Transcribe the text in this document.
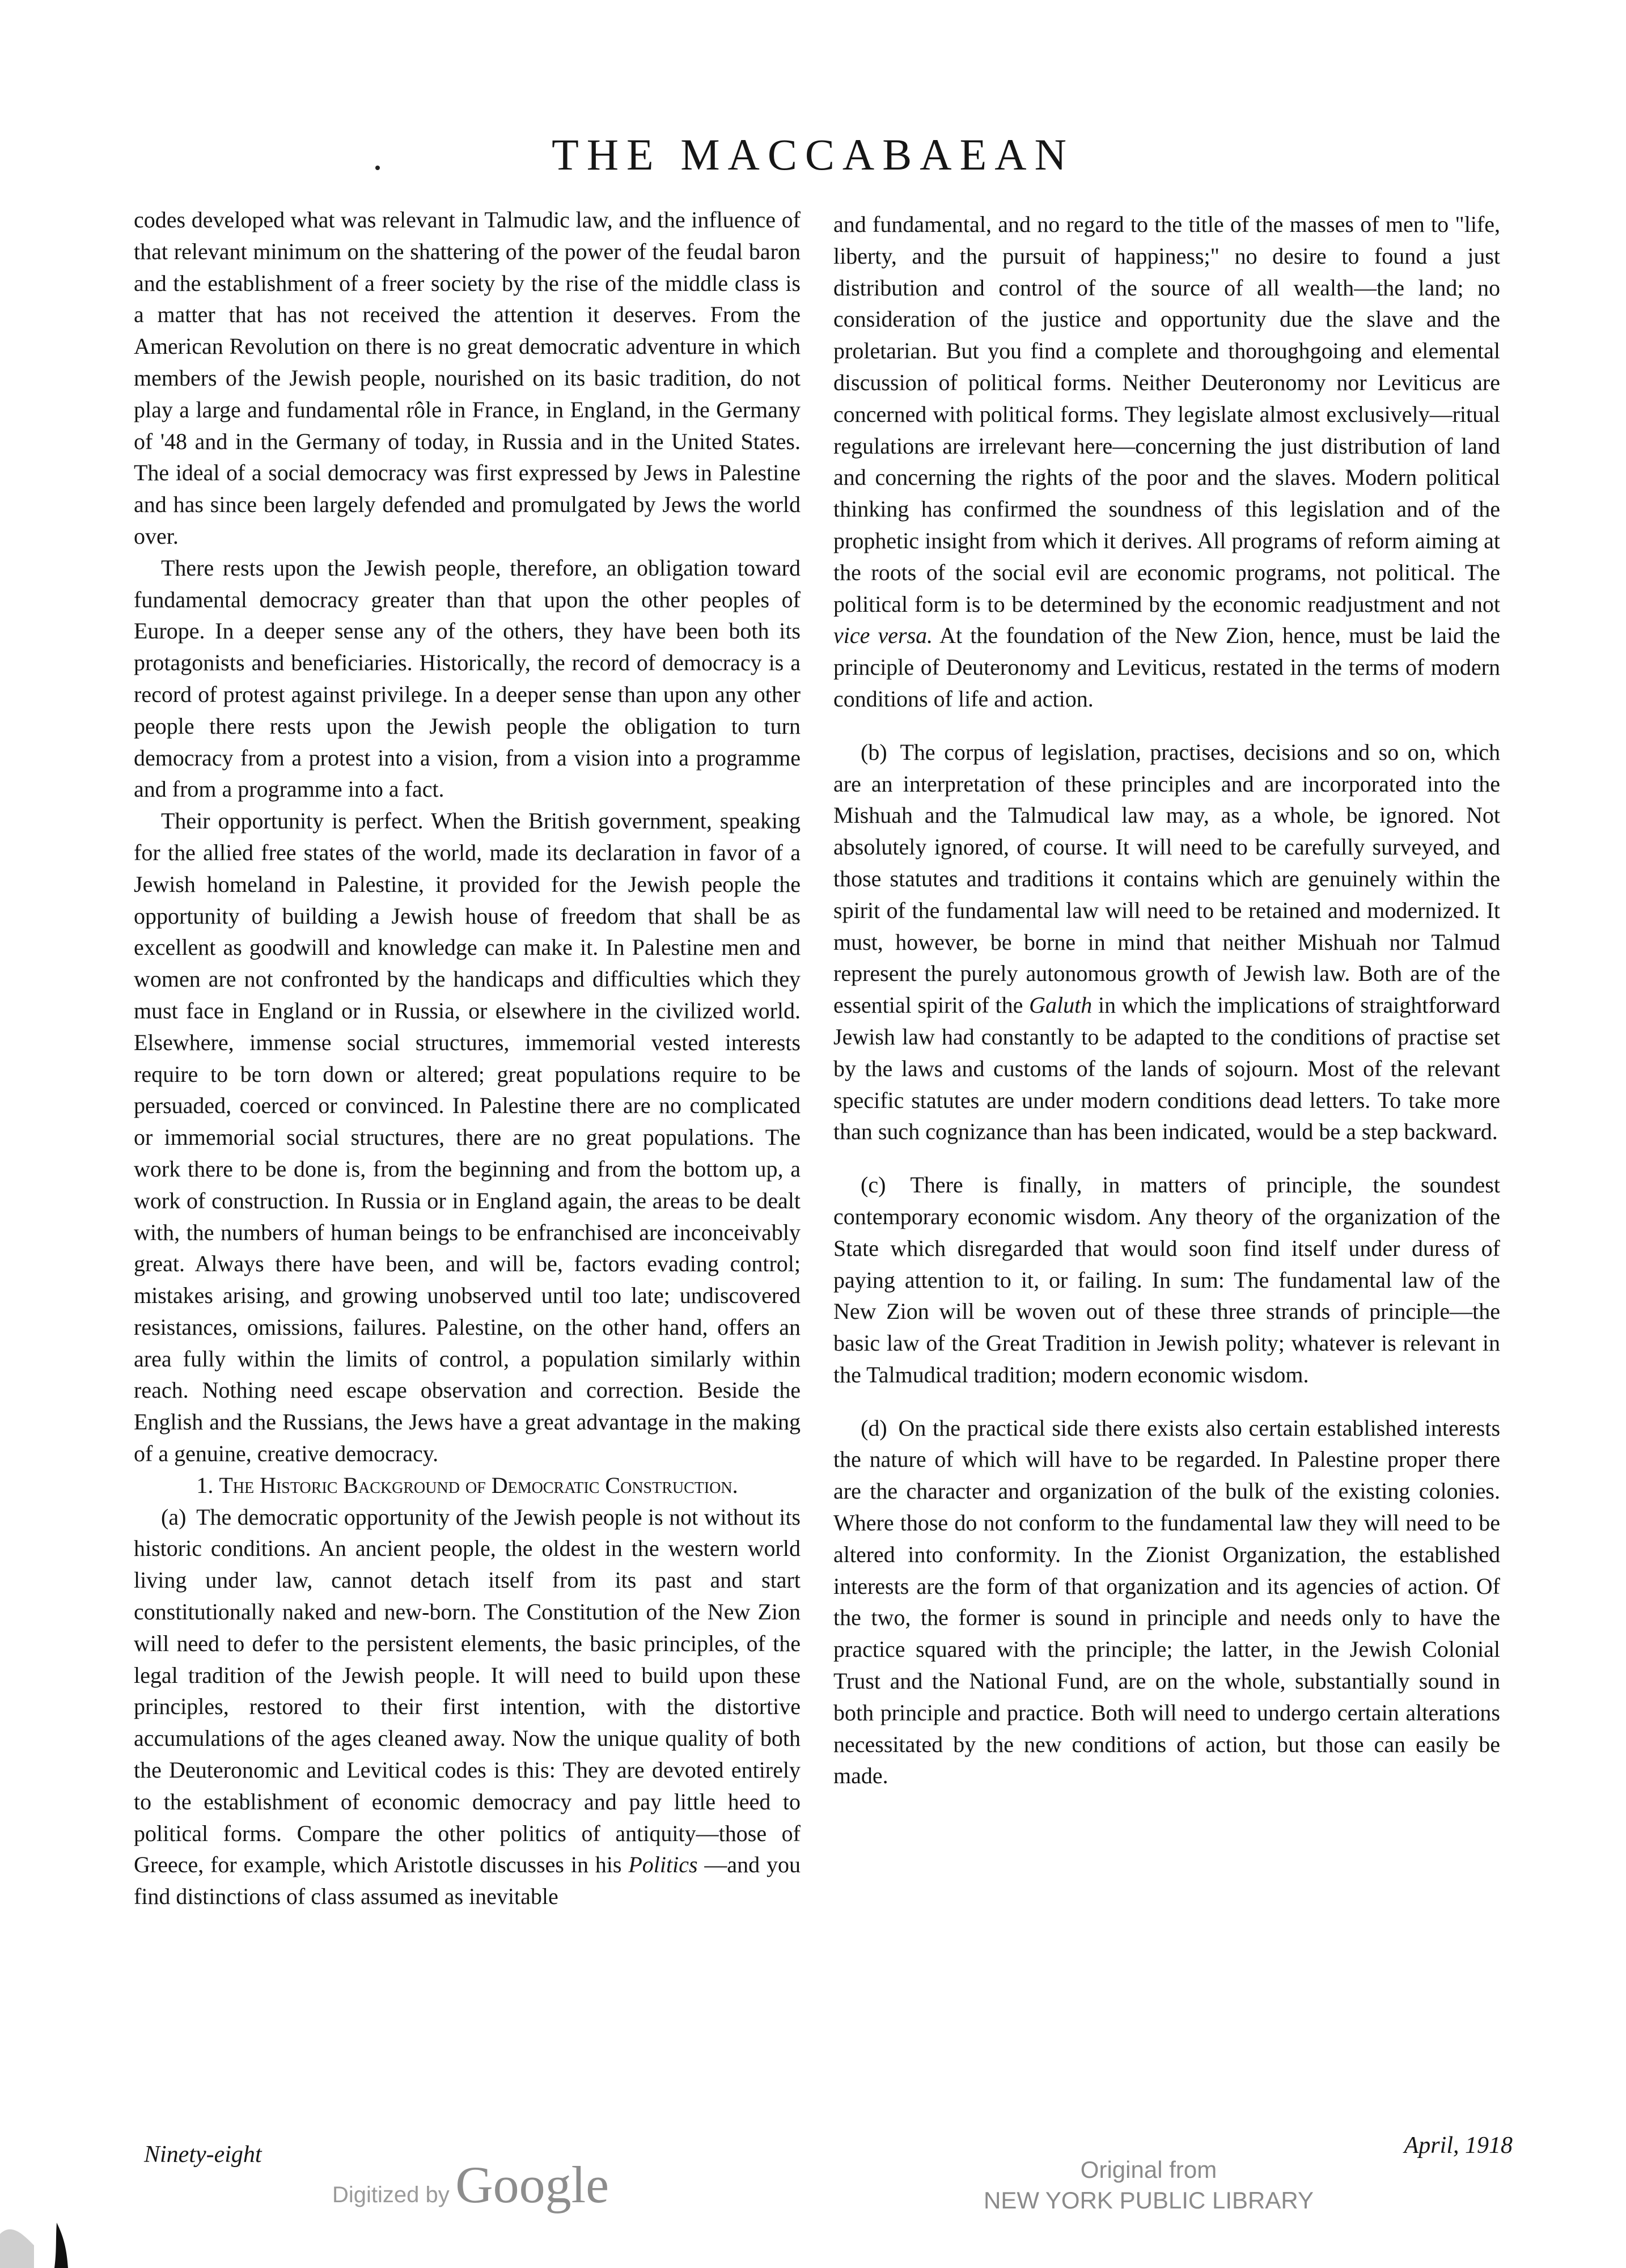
THE MACCABAEAN

codes developed what was relevant in Talmudic law, and the influence of that relevant minimum on the shattering of the power of the feudal baron and the establishment of a freer society by the rise of the middle class is a matter that has not received the attention it deserves. From the American Revolution on there is no great democratic adventure in which members of the Jewish people, nourished on its basic tradition, do not play a large and fundamental rôle in France, in England, in the Germany of '48 and in the Germany of today, in Russia and in the United States. The ideal of a social democracy was first expressed by Jews in Palestine and has since been largely defended and promulgated by Jews the world over.

There rests upon the Jewish people, therefore, an obligation toward fundamental democracy greater than that upon the other peoples of Europe. In a deeper sense any of the others, they have been both its protagonists and beneficiaries. Historically, the record of democracy is a record of protest against privilege. In a deeper sense than upon any other people there rests upon the Jewish people the obligation to turn democracy from a protest into a vision, from a vision into a programme and from a programme into a fact.

Their opportunity is perfect. When the British government, speaking for the allied free states of the world, made its declaration in favor of a Jewish homeland in Palestine, it provided for the Jewish people the opportunity of building a Jewish house of freedom that shall be as excellent as goodwill and knowledge can make it. In Palestine men and women are not confronted by the handicaps and difficulties which they must face in England or in Russia, or elsewhere in the civilized world. Elsewhere, immense social structures, immemorial vested interests require to be torn down or altered; great populations require to be persuaded, coerced or convinced. In Palestine there are no complicated or immemorial social structures, there are no great populations. The work there to be done is, from the beginning and from the bottom up, a work of construction. In Russia or in England again, the areas to be dealt with, the numbers of human beings to be enfranchised are inconceivably great. Always there have been, and will be, factors evading control; mistakes arising, and growing unobserved until too late; undiscovered resistances, omissions, failures. Palestine, on the other hand, offers an area fully within the limits of control, a population similarly within reach. Nothing need escape observation and correction. Beside the English and the Russians, the Jews have a great advantage in the making of a genuine, creative democracy.

1. The Historic Background of Democratic Construction.

(a) The democratic opportunity of the Jewish people is not without its historic conditions. An ancient people, the oldest in the western world living under law, cannot detach itself from its past and start constitutionally naked and new-born. The Constitution of the New Zion will need to defer to the persistent elements, the basic principles, of the legal tradition of the Jewish people. It will need to build upon these principles, restored to their first intention, with the distortive accumulations of the ages cleaned away. Now the unique quality of both the Deuteronomic and Levitical codes is this: They are devoted entirely to the establishment of economic democracy and pay little heed to political forms. Compare the other politics of antiquity—those of Greece, for example, which Aristotle discusses in his Politics —and you find distinctions of class assumed as inevitable

and fundamental, and no regard to the title of the masses of men to "life, liberty, and the pursuit of happiness;" no desire to found a just distribution and control of the source of all wealth—the land; no consideration of the justice and opportunity due the slave and the proletarian. But you find a complete and thoroughgoing and elemental discussion of political forms. Neither Deuteronomy nor Leviticus are concerned with political forms. They legislate almost exclusively—ritual regulations are irrelevant here—concerning the just distribution of land and concerning the rights of the poor and the slaves. Modern political thinking has confirmed the soundness of this legislation and of the prophetic insight from which it derives. All programs of reform aiming at the roots of the social evil are economic programs, not political. The political form is to be determined by the economic readjustment and not vice versa. At the foundation of the New Zion, hence, must be laid the principle of Deuteronomy and Leviticus, restated in the terms of modern conditions of life and action.

(b) The corpus of legislation, practises, decisions and so on, which are an interpretation of these principles and are incorporated into the Mishuah and the Talmudical law may, as a whole, be ignored. Not absolutely ignored, of course. It will need to be carefully surveyed, and those statutes and traditions it contains which are genuinely within the spirit of the fundamental law will need to be retained and modernized. It must, however, be borne in mind that neither Mishuah nor Talmud represent the purely autonomous growth of Jewish law. Both are of the essential spirit of the Galuth in which the implications of straightforward Jewish law had constantly to be adapted to the conditions of practise set by the laws and customs of the lands of sojourn. Most of the relevant specific statutes are under modern conditions dead letters. To take more than such cognizance than has been indicated, would be a step backward.

(c) There is finally, in matters of principle, the soundest contemporary economic wisdom. Any theory of the organization of the State which disregarded that would soon find itself under duress of paying attention to it, or failing. In sum: The fundamental law of the New Zion will be woven out of these three strands of principle—the basic law of the Great Tradition in Jewish polity; whatever is relevant in the Talmudical tradition; modern economic wisdom.

(d) On the practical side there exists also certain established interests the nature of which will have to be regarded. In Palestine proper there are the character and organization of the bulk of the existing colonies. Where those do not conform to the fundamental law they will need to be altered into conformity. In the Zionist Organization, the established interests are the form of that organization and its agencies of action. Of the two, the former is sound in principle and needs only to have the practice squared with the principle; the latter, in the Jewish Colonial Trust and the National Fund, are on the whole, substantially sound in both principle and practice. Both will need to undergo certain alterations necessitated by the new conditions of action, but those can easily be made.

Ninety-eight	April, 1918
Digitized by Google	Original from
NEW YORK PUBLIC LIBRARY
